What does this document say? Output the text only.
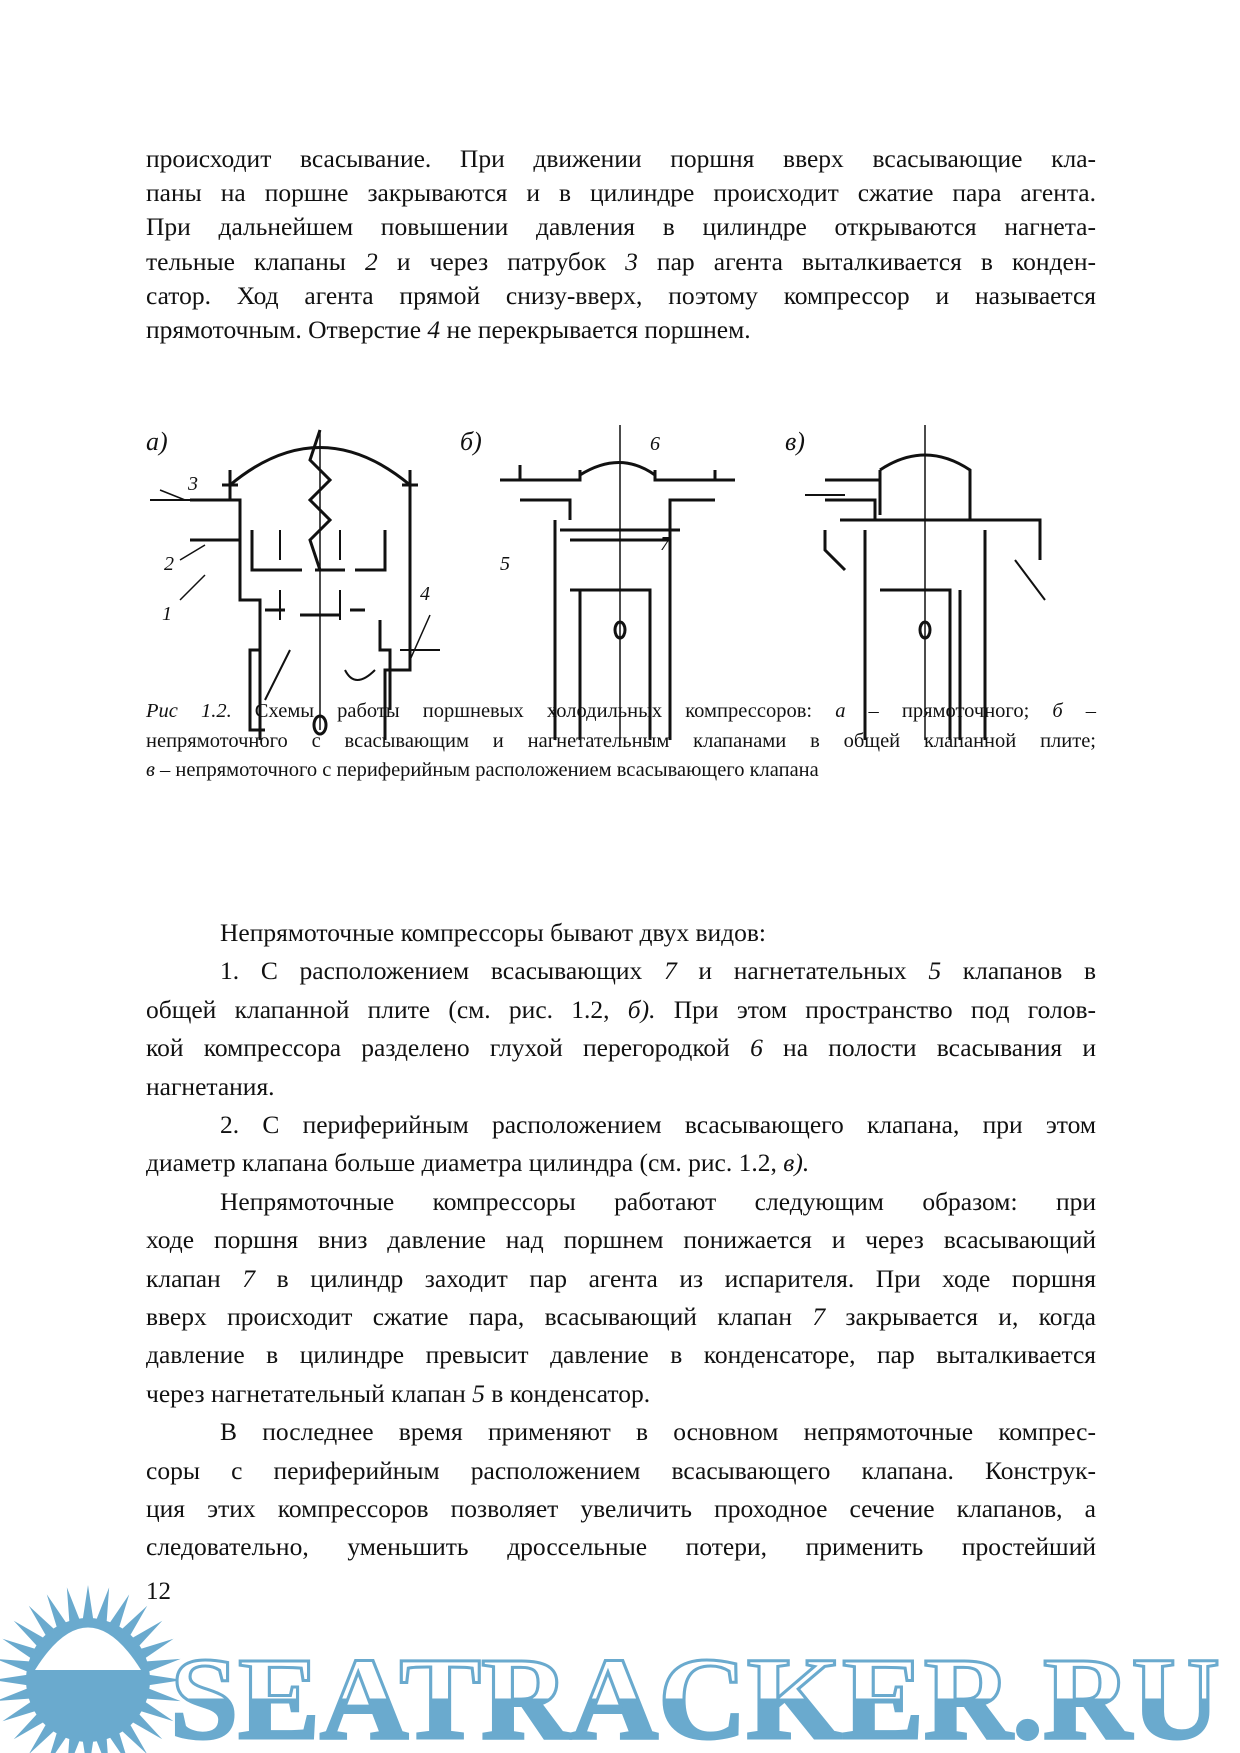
происходит всасывание. При движении поршня вверх всасывающие кла-
паны на поршне закрываются и в цилиндре происходит сжатие пара агента.
При дальнейшем повышении давления в цилиндре открываются нагнета-
тельные клапаны 2 и через патрубок 3 пар агента выталкивается в конден-
сатор. Ход агента прямой снизу-вверх, поэтому компрессор и называется
прямоточным. Отверстие 4 не перекрывается поршнем.
а)
1
2
3
4
б)	6
5
7
в)
Рис 1.2. Схемы работы поршневых холодильных компрессоров: а – прямоточного; б –
непрямоточного с всасывающим и нагнетательным клапанами в общей клапанной плите;
в – непрямоточного с периферийным расположением всасывающего клапана
Непрямоточные компрессоры бывают двух видов:
1. С расположением всасывающих 7 и нагнетательных 5 клапанов в
общей клапанной плите (см. рис. 1.2, б). При этом пространство под голов-
кой компрессора разделено глухой перегородкой 6 на полости всасывания и
нагнетания.
2. С периферийным расположением всасывающего клапана, при этом
диаметр клапана больше диаметра цилиндра (см. рис. 1.2, в).
Непрямоточные компрессоры работают следующим образом: при
ходе поршня вниз давление над поршнем понижается и через всасывающий
клапан 7 в цилиндр заходит пар агента из испарителя. При ходе поршня
вверх происходит сжатие пара, всасывающий клапан 7 закрывается и, когда
давление в цилиндре превысит давление в конденсаторе, пар выталкивается
через нагнетательный клапан 5 в конденсатор.
В последнее время применяют в основном непрямоточные компрес-
соры с периферийным расположением всасывающего клапана. Конструк-
ция этих компрессоров позволяет увеличить проходное сечение клапанов, а
следовательно, уменьшить дроссельные потери, применить простейший
12
SEATRACKER.RU
